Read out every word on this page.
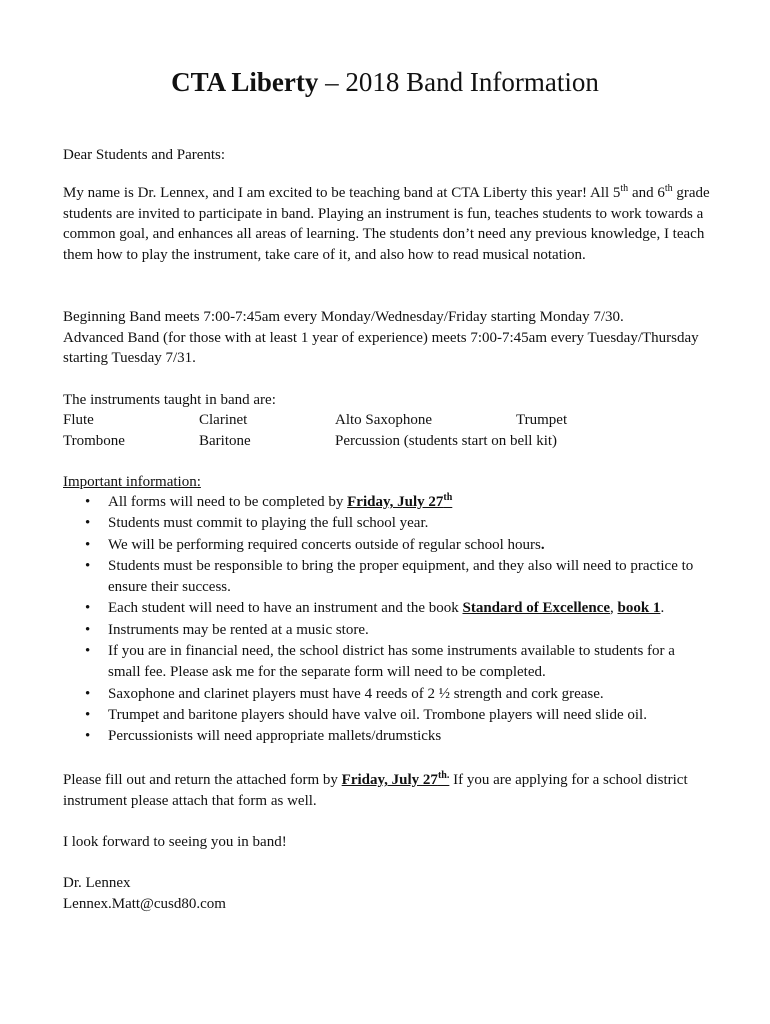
CTA Liberty – 2018 Band Information

Dear Students and Parents:

My name is Dr. Lennex, and I am excited to be teaching band at CTA Liberty this year! All 5th and 6th grade students are invited to participate in band. Playing an instrument is fun, teaches students to work towards a common goal, and enhances all areas of learning. The students don’t need any previous knowledge, I teach them how to play the instrument, take care of it, and also how to read musical notation.

Beginning Band meets 7:00-7:45am every Monday/Wednesday/Friday starting Monday 7/30.
Advanced Band (for those with at least 1 year of experience) meets 7:00-7:45am every Tuesday/Thursday starting Tuesday 7/31.

The instruments taught in band are:

Flute	Clarinet	Alto Saxophone	Trumpet
Trombone	Baritone	Percussion (students start on bell kit)

Important information:

• All forms will need to be completed by Friday, July 27th
• Students must commit to playing the full school year.
• We will be performing required concerts outside of regular school hours.
• Students must be responsible to bring the proper equipment, and they also will need to practice to ensure their success.
• Each student will need to have an instrument and the book Standard of Excellence, book 1.
• Instruments may be rented at a music store.
• If you are in financial need, the school district has some instruments available to students for a small fee. Please ask me for the separate form will need to be completed.
• Saxophone and clarinet players must have 4 reeds of 2 ½ strength and cork grease.
• Trumpet and baritone players should have valve oil. Trombone players will need slide oil.
• Percussionists will need appropriate mallets/drumsticks

Please fill out and return the attached form by Friday, July $27^{th.}$ If you are applying for a school district instrument please attach that form as well.

I look forward to seeing you in band!

Dr. Lennex
Lennex.Matt@cusd80.com
